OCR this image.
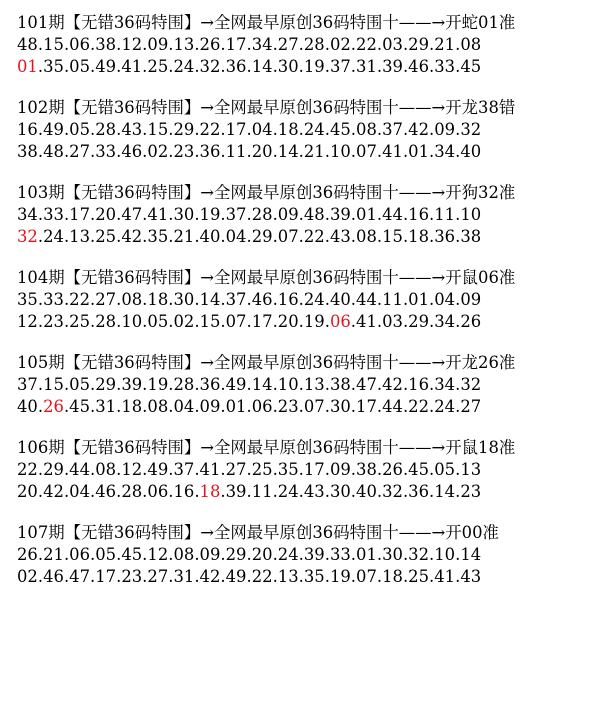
101期【无错36码特围】→全网最早原创36码特围十——→开蛇01准
48.15.06.38.12.09.13.26.17.34.27.28.02.22.03.29.21.08
01.35.05.49.41.25.24.32.36.14.30.19.37.31.39.46.33.45
102期【无错36码特围】→全网最早原创36码特围十——→开龙38错
16.49.05.28.43.15.29.22.17.04.18.24.45.08.37.42.09.32
38.48.27.33.46.02.23.36.11.20.14.21.10.07.41.01.34.40
103期【无错36码特围】→全网最早原创36码特围十——→开狗32准
34.33.17.20.47.41.30.19.37.28.09.48.39.01.44.16.11.10
32.24.13.25.42.35.21.40.04.29.07.22.43.08.15.18.36.38
104期【无错36码特围】→全网最早原创36码特围十——→开鼠06准
35.33.22.27.08.18.30.14.37.46.16.24.40.44.11.01.04.09
12.23.25.28.10.05.02.15.07.17.20.19.06.41.03.29.34.26
105期【无错36码特围】→全网最早原创36码特围十——→开龙26准
37.15.05.29.39.19.28.36.49.14.10.13.38.47.42.16.34.32
40.26.45.31.18.08.04.09.01.06.23.07.30.17.44.22.24.27
106期【无错36码特围】→全网最早原创36码特围十——→开鼠18准
22.29.44.08.12.49.37.41.27.25.35.17.09.38.26.45.05.13
20.42.04.46.28.06.16.18.39.11.24.43.30.40.32.36.14.23
107期【无错36码特围】→全网最早原创36码特围十——→开00准
26.21.06.05.45.12.08.09.29.20.24.39.33.01.30.32.10.14
02.46.47.17.23.27.31.42.49.22.13.35.19.07.18.25.41.43
